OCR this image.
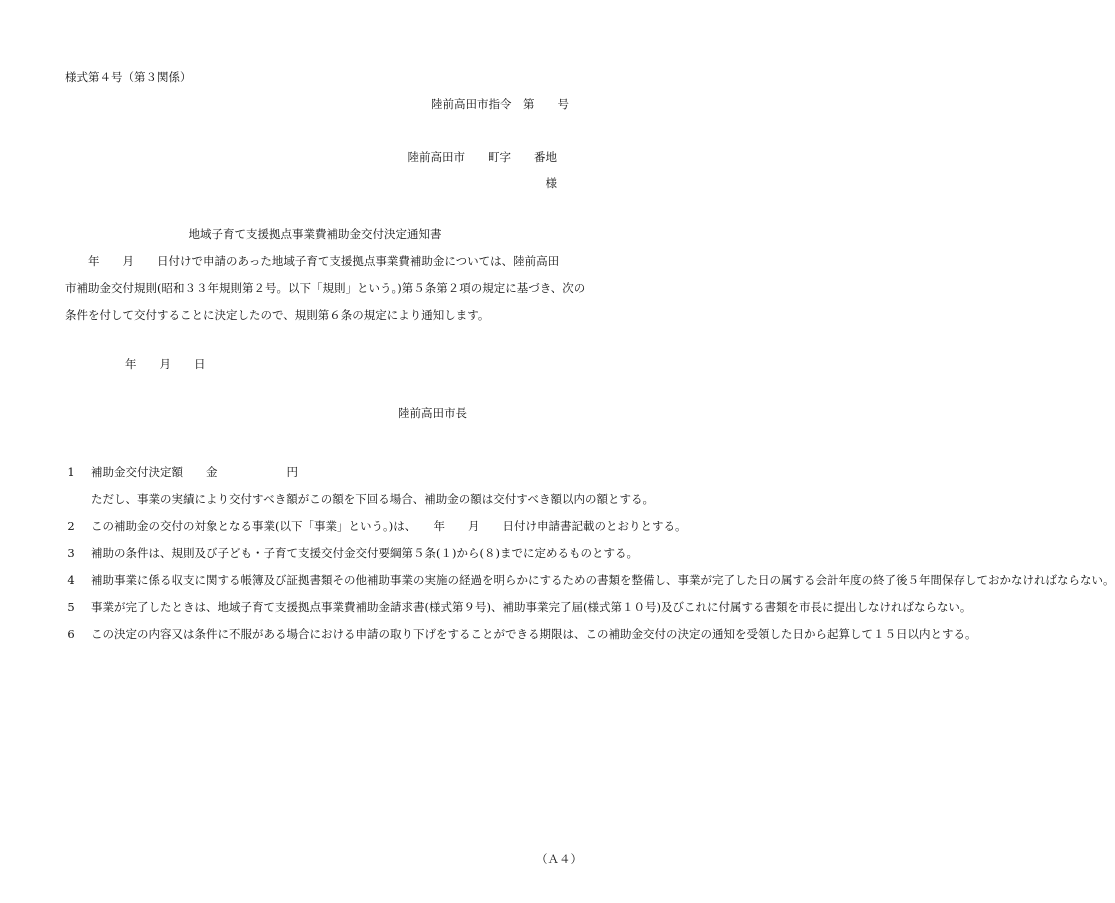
様式第４号（第３関係）
陸前高田市指令　第　　号
陸前高田市　　町字　　番地
様
地域子育て支援拠点事業費補助金交付決定通知書
　　年　　月　　日付けで申請のあった地域子育て支援拠点事業費補助金については、陸前高田
市補助金交付規則(昭和３３年規則第２号。以下「規則」という。)第５条第２項の規定に基づき、次の条件を付して交付することに決定したので、規則第６条の規定により通知します。
年　　月　　日
陸前高田市長
1 補助金交付決定額　　金　　　　　　円
ただし、事業の実績により交付すべき額がこの額を下回る場合、補助金の額は交付すべき額以内の額とする。
2 この補助金の交付の対象となる事業(以下「事業」という。)は、　　年　　月　　日付け申請書記載のとおりとする。
3 補助の条件は、規則及び子ども・子育て支援交付金交付要綱第５条(１)から(８)までに定めるものとする。
4 補助事業に係る収支に関する帳簿及び証拠書類その他補助事業の実施の経過を明らかにするための書類を整備し、事業が完了した日の属する会計年度の終了後５年間保存しておかなければならない。
5 事業が完了したときは、地域子育て支援拠点事業費補助金請求書(様式第９号)、補助事業完了届(様式第１０号)及びこれに付属する書類を市長に提出しなければならない。
6 この決定の内容又は条件に不服がある場合における申請の取り下げをすることができる期限は、この補助金交付の決定の通知を受領した日から起算して１５日以内とする。
（Ａ４）
